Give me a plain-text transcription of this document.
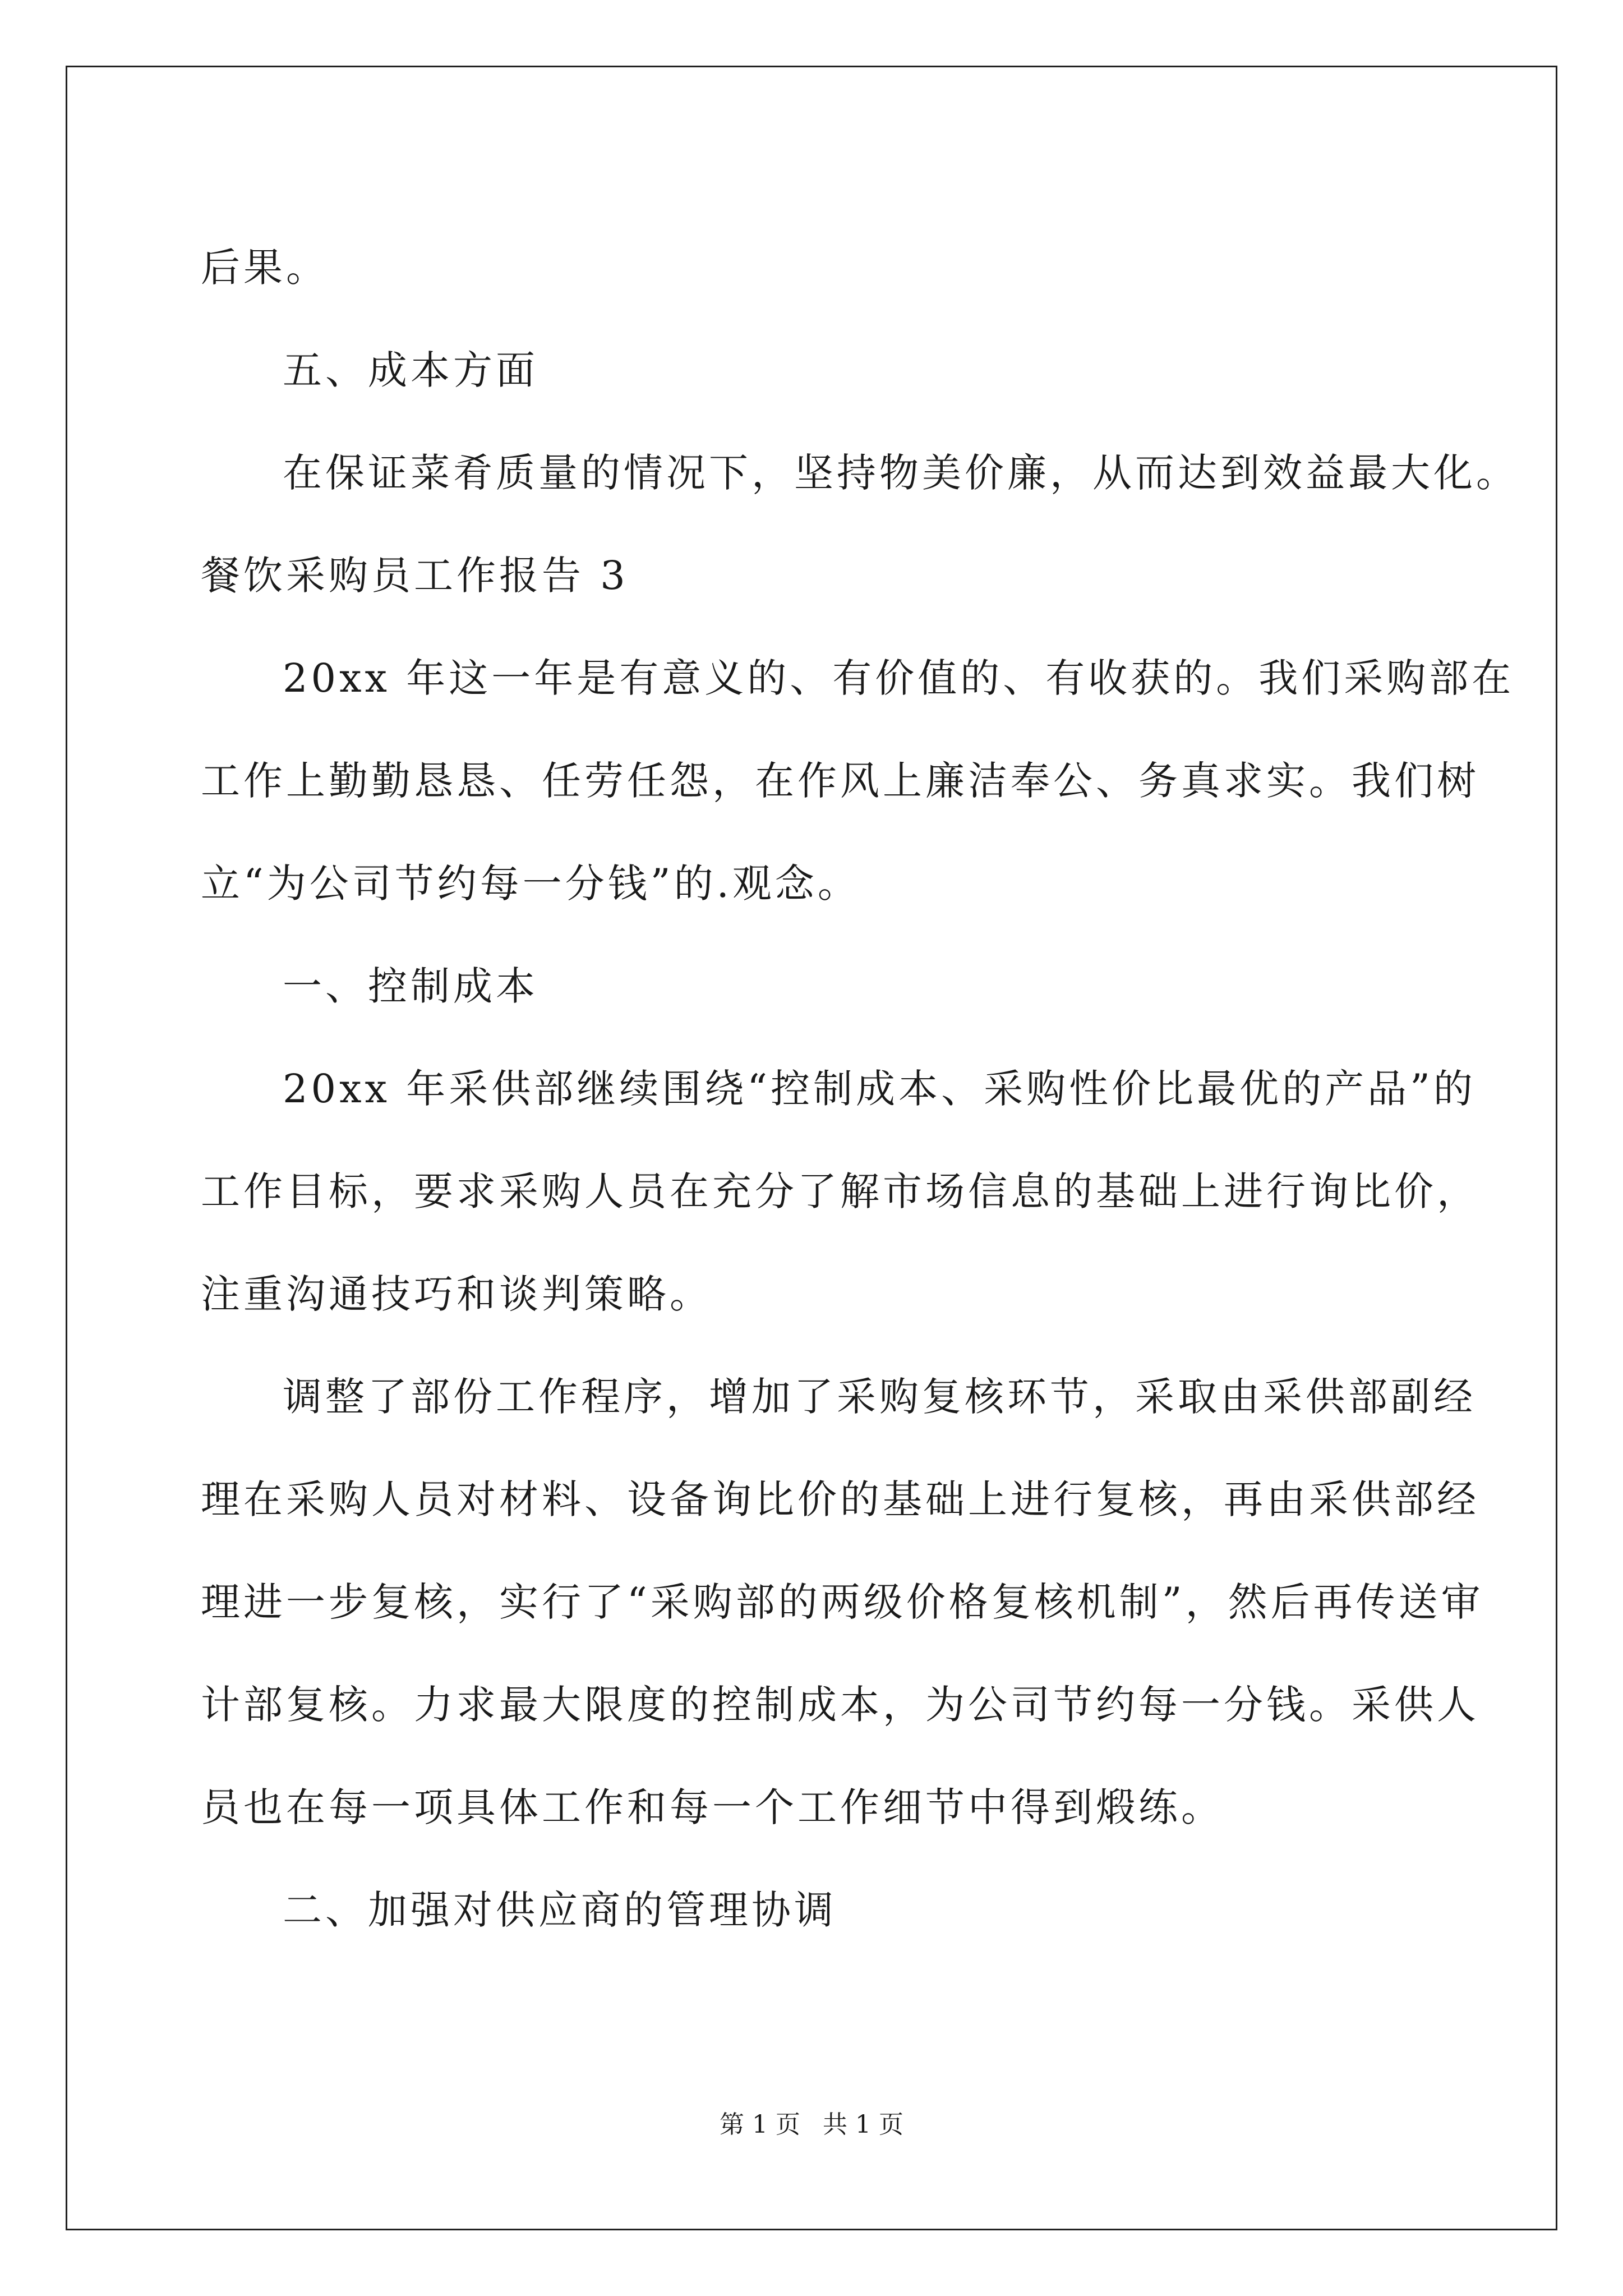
后果。
五、成本方面
在保证菜肴质量的情况下，坚持物美价廉，从而达到效益最大化。
餐饮采购员工作报告 3
20xx 年这一年是有意义的、有价值的、有收获的。我们采购部在
工作上勤勤恳恳、任劳任怨，在作风上廉洁奉公、务真求实。我们树
立“为公司节约每一分钱”的.观念。
一、控制成本
20xx 年采供部继续围绕“控制成本、采购性价比最优的产品”的
工作目标，要求采购人员在充分了解市场信息的基础上进行询比价，
注重沟通技巧和谈判策略。
调整了部份工作程序，增加了采购复核环节，采取由采供部副经
理在采购人员对材料、设备询比价的基础上进行复核，再由采供部经
理进一步复核，实行了“采购部的两级价格复核机制”，然后再传送审
计部复核。力求最大限度的控制成本，为公司节约每一分钱。采供人
员也在每一项具体工作和每一个工作细节中得到煅练。
二、加强对供应商的管理协调
第 1 页 共 1 页
